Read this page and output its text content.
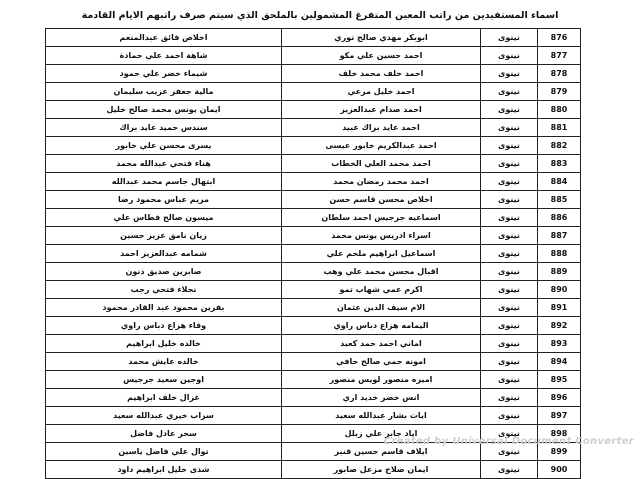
اسماء المستفيدين من راتب المعين المتفرغ المشمولين بالملحق الذي سيتم صرف راتبهم الايام القادمة
876	نينوى	ابوبكر مهدي صالح نوري	اخلاص فائق عبدالمنعم
877	نينوى	احمد حسين علي مكو	شاهة احمد علي حمادة
878	نينوى	احمد خلف محمد خلف	شيماء خضر علي حمود
879	نينوى	احمد خليل مرعي	مالية جعفر عزيب سليمان
880	نينوى	احمد صدام عبدالعزيز	ايمان يونس محمد صالح خليل
881	نينوى	احمد عايد براك عبيد	سندس حميد عايد براك
882	نينوى	احمد عبدالكريم خابور عيسى	يسرى محسن علي خابور
883	نينوى	احمد محمد العلي الخطاب	هناء فتحي عبدالله محمد
884	نينوى	احمد محمد رمضان محمد	ابتهال جاسم محمد عبدالله
885	نينوى	اخلاص محسن قاسم حسن	مريم عباس محمود رضا
886	نينوى	اسماعيه جرجيس احمد سلطان	ميسون صالح فطاس علي
887	نينوى	اسراء ادريس يونس محمد	زيان نامق عزيز حسين
888	نينوى	اسماعيل ابراهيم ملحم علي	شمامه عبدالعزيز احمد
889	نينوى	اقبال محسن محمد علي وهب	صابرين صديق ذنون
890	نينوى	اكرم عمي شهاب تمو	نجلاء فتحي رجب
891	نينوى	الام سيف الدين عثمان	بفرين محمود عبد القادر محمود
892	نينوى	اليمامه هزاع دباس راوي	وفاء هزاع دباس راوي
893	نينوى	اماني احمد حمد كعيد	خالده خليل ابراهيم
894	نينوى	امونه حمي صالح حافي	خالده عايش محمد
895	نينوى	اميره منصور لويس منصور	اوجين سعيد جرجيس
896	نينوى	انس خضر خديد اري	غزال خلف ابراهيم
897	نينوى	ايات بشار عبدالله سعيد	سراب خيري عبدالله سعيد
898	نينوى	اياد جابر علي زبلل	سحر عادل فاضل
899	نينوى	ايلاف قاسم حسين قنبر	توال علي فاضل ياسين
900	نينوى	ايمان صلاح مزعل صابور	شذى خليل ابراهيم داود
Created by Universal Document Converter
